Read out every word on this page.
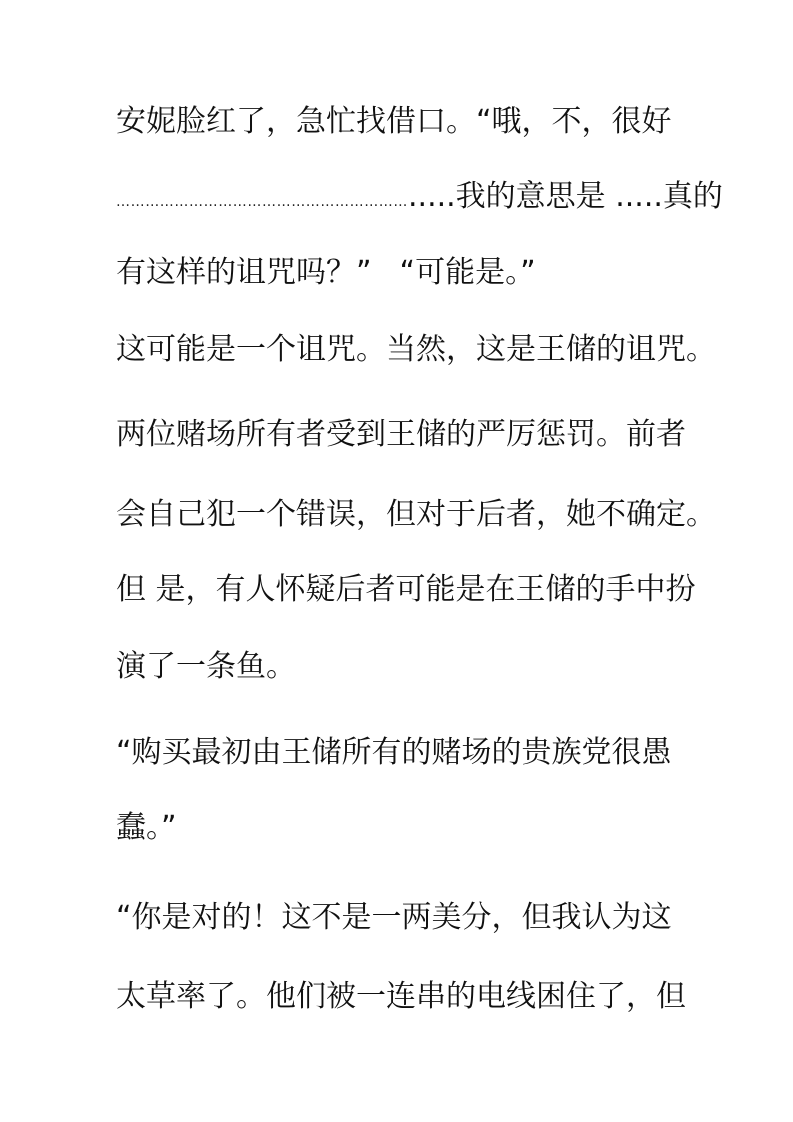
安妮脸红了，急忙找借口。“哦，不，很好
…………………………………………………….....我的意思是 .....真的
有这样的诅咒吗？” “可能是。”
这可能是一个诅咒。当然，这是王储的诅咒。
两位赌场所有者受到王储的严厉惩罚。前者
会自己犯一个错误，但对于后者，她不确定。
但 是，有人怀疑后者可能是在王储的手中扮
演了一条鱼。
“购买最初由王储所有的赌场的贵族党很愚
蠢。”
“你是对的！这不是一两美分，但我认为这
太草率了。他们被一连串的电线困住了，但
